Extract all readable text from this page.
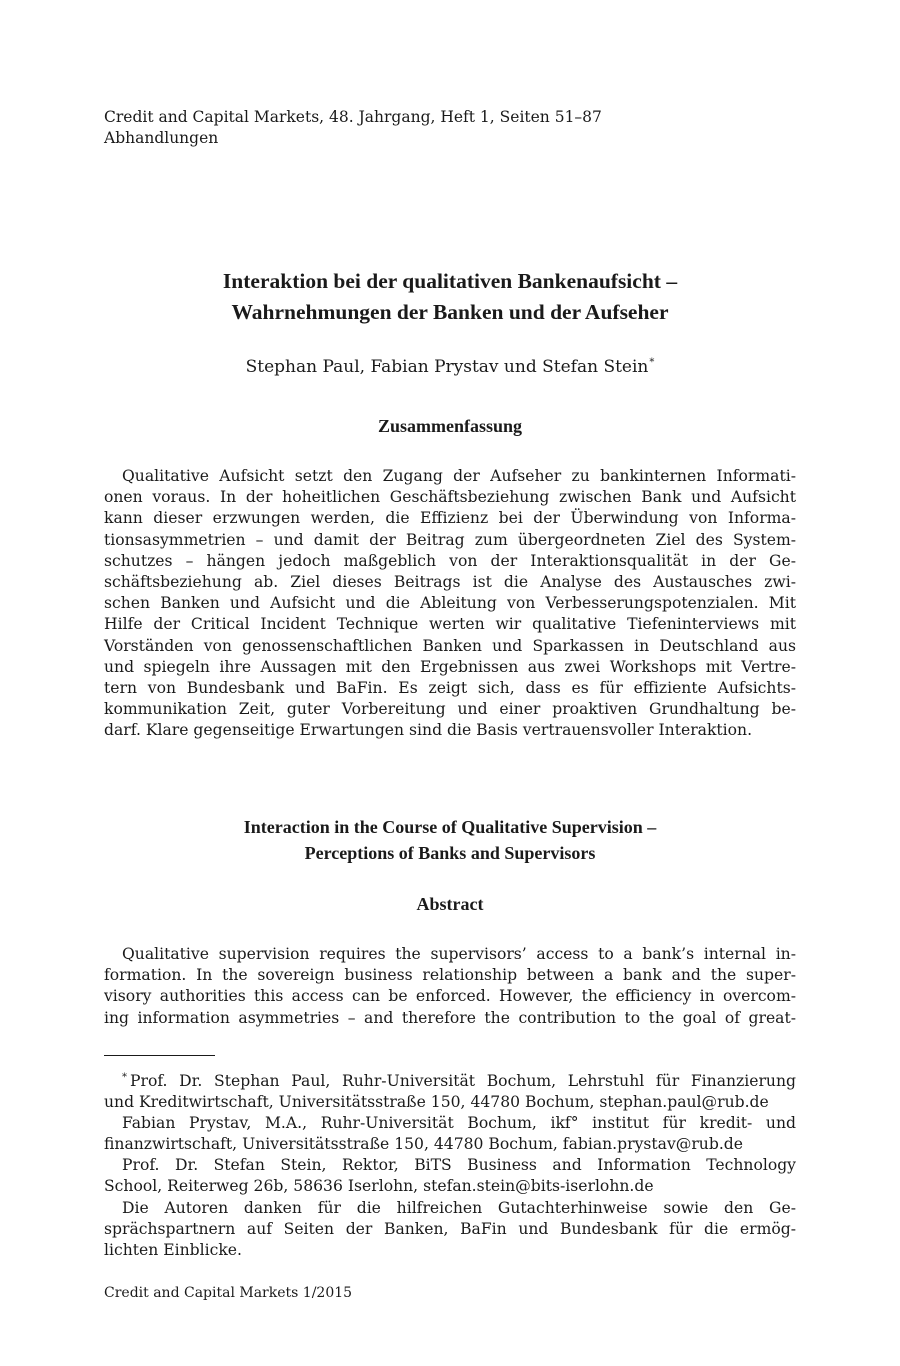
Credit and Capital Markets, 48. Jahrgang, Heft 1, Seiten 51–87
Abhandlungen
Interaktion bei der qualitativen Bankenaufsicht –
Wahrnehmungen der Banken und der Aufseher
Stephan Paul, Fabian Prystav und Stefan Stein*
Zusammenfassung
Qualitative Aufsicht setzt den Zugang der Aufseher zu bankinternen Informati-
onen voraus. In der hoheitlichen Geschäftsbeziehung zwischen Bank und Aufsicht
kann dieser erzwungen werden, die Effizienz bei der Überwindung von Informa-
tionsasymmetrien – und damit der Beitrag zum übergeordneten Ziel des System-
schutzes – hängen jedoch maßgeblich von der Interaktionsqualität in der Ge-
schäftsbeziehung ab. Ziel dieses Beitrags ist die Analyse des Austausches zwi-
schen Banken und Aufsicht und die Ableitung von Verbesserungspotenzialen. Mit
Hilfe der Critical Incident Technique werten wir qualitative Tiefeninterviews mit
Vorständen von genossenschaftlichen Banken und Sparkassen in Deutschland aus
und spiegeln ihre Aussagen mit den Ergebnissen aus zwei Workshops mit Vertre-
tern von Bundesbank und BaFin. Es zeigt sich, dass es für effiziente Aufsichts-
kommunikation Zeit, guter Vorbereitung und einer proaktiven Grundhaltung be-
darf. Klare gegenseitige Erwartungen sind die Basis vertrauensvoller Interaktion.
Interaction in the Course of Qualitative Supervision –
Perceptions of Banks and Supervisors
Abstract
Qualitative supervision requires the supervisors’ access to a bank’s internal in-
formation. In the sovereign business relationship between a bank and the super-
visory authorities this access can be enforced. However, the efficiency in overcom-
ing information asymmetries – and therefore the contribution to the goal of great-
* Prof. Dr. Stephan Paul, Ruhr-Universität Bochum, Lehrstuhl für Finanzierung
und Kreditwirtschaft, Universitätsstraße 150, 44780 Bochum, stephan.paul@rub.de
Fabian Prystav, M.A., Ruhr-Universität Bochum, ikf° institut für kredit- und
finanzwirtschaft, Universitätsstraße 150, 44780 Bochum, fabian.prystav@rub.de
Prof. Dr. Stefan Stein, Rektor, BiTS Business and Information Technology
School, Reiterweg 26b, 58636 Iserlohn, stefan.stein@bits-iserlohn.de
Die Autoren danken für die hilfreichen Gutachterhinweise sowie den Ge-
sprächspartnern auf Seiten der Banken, BaFin und Bundesbank für die ermög-
lichten Einblicke.
Credit and Capital Markets 1/2015
